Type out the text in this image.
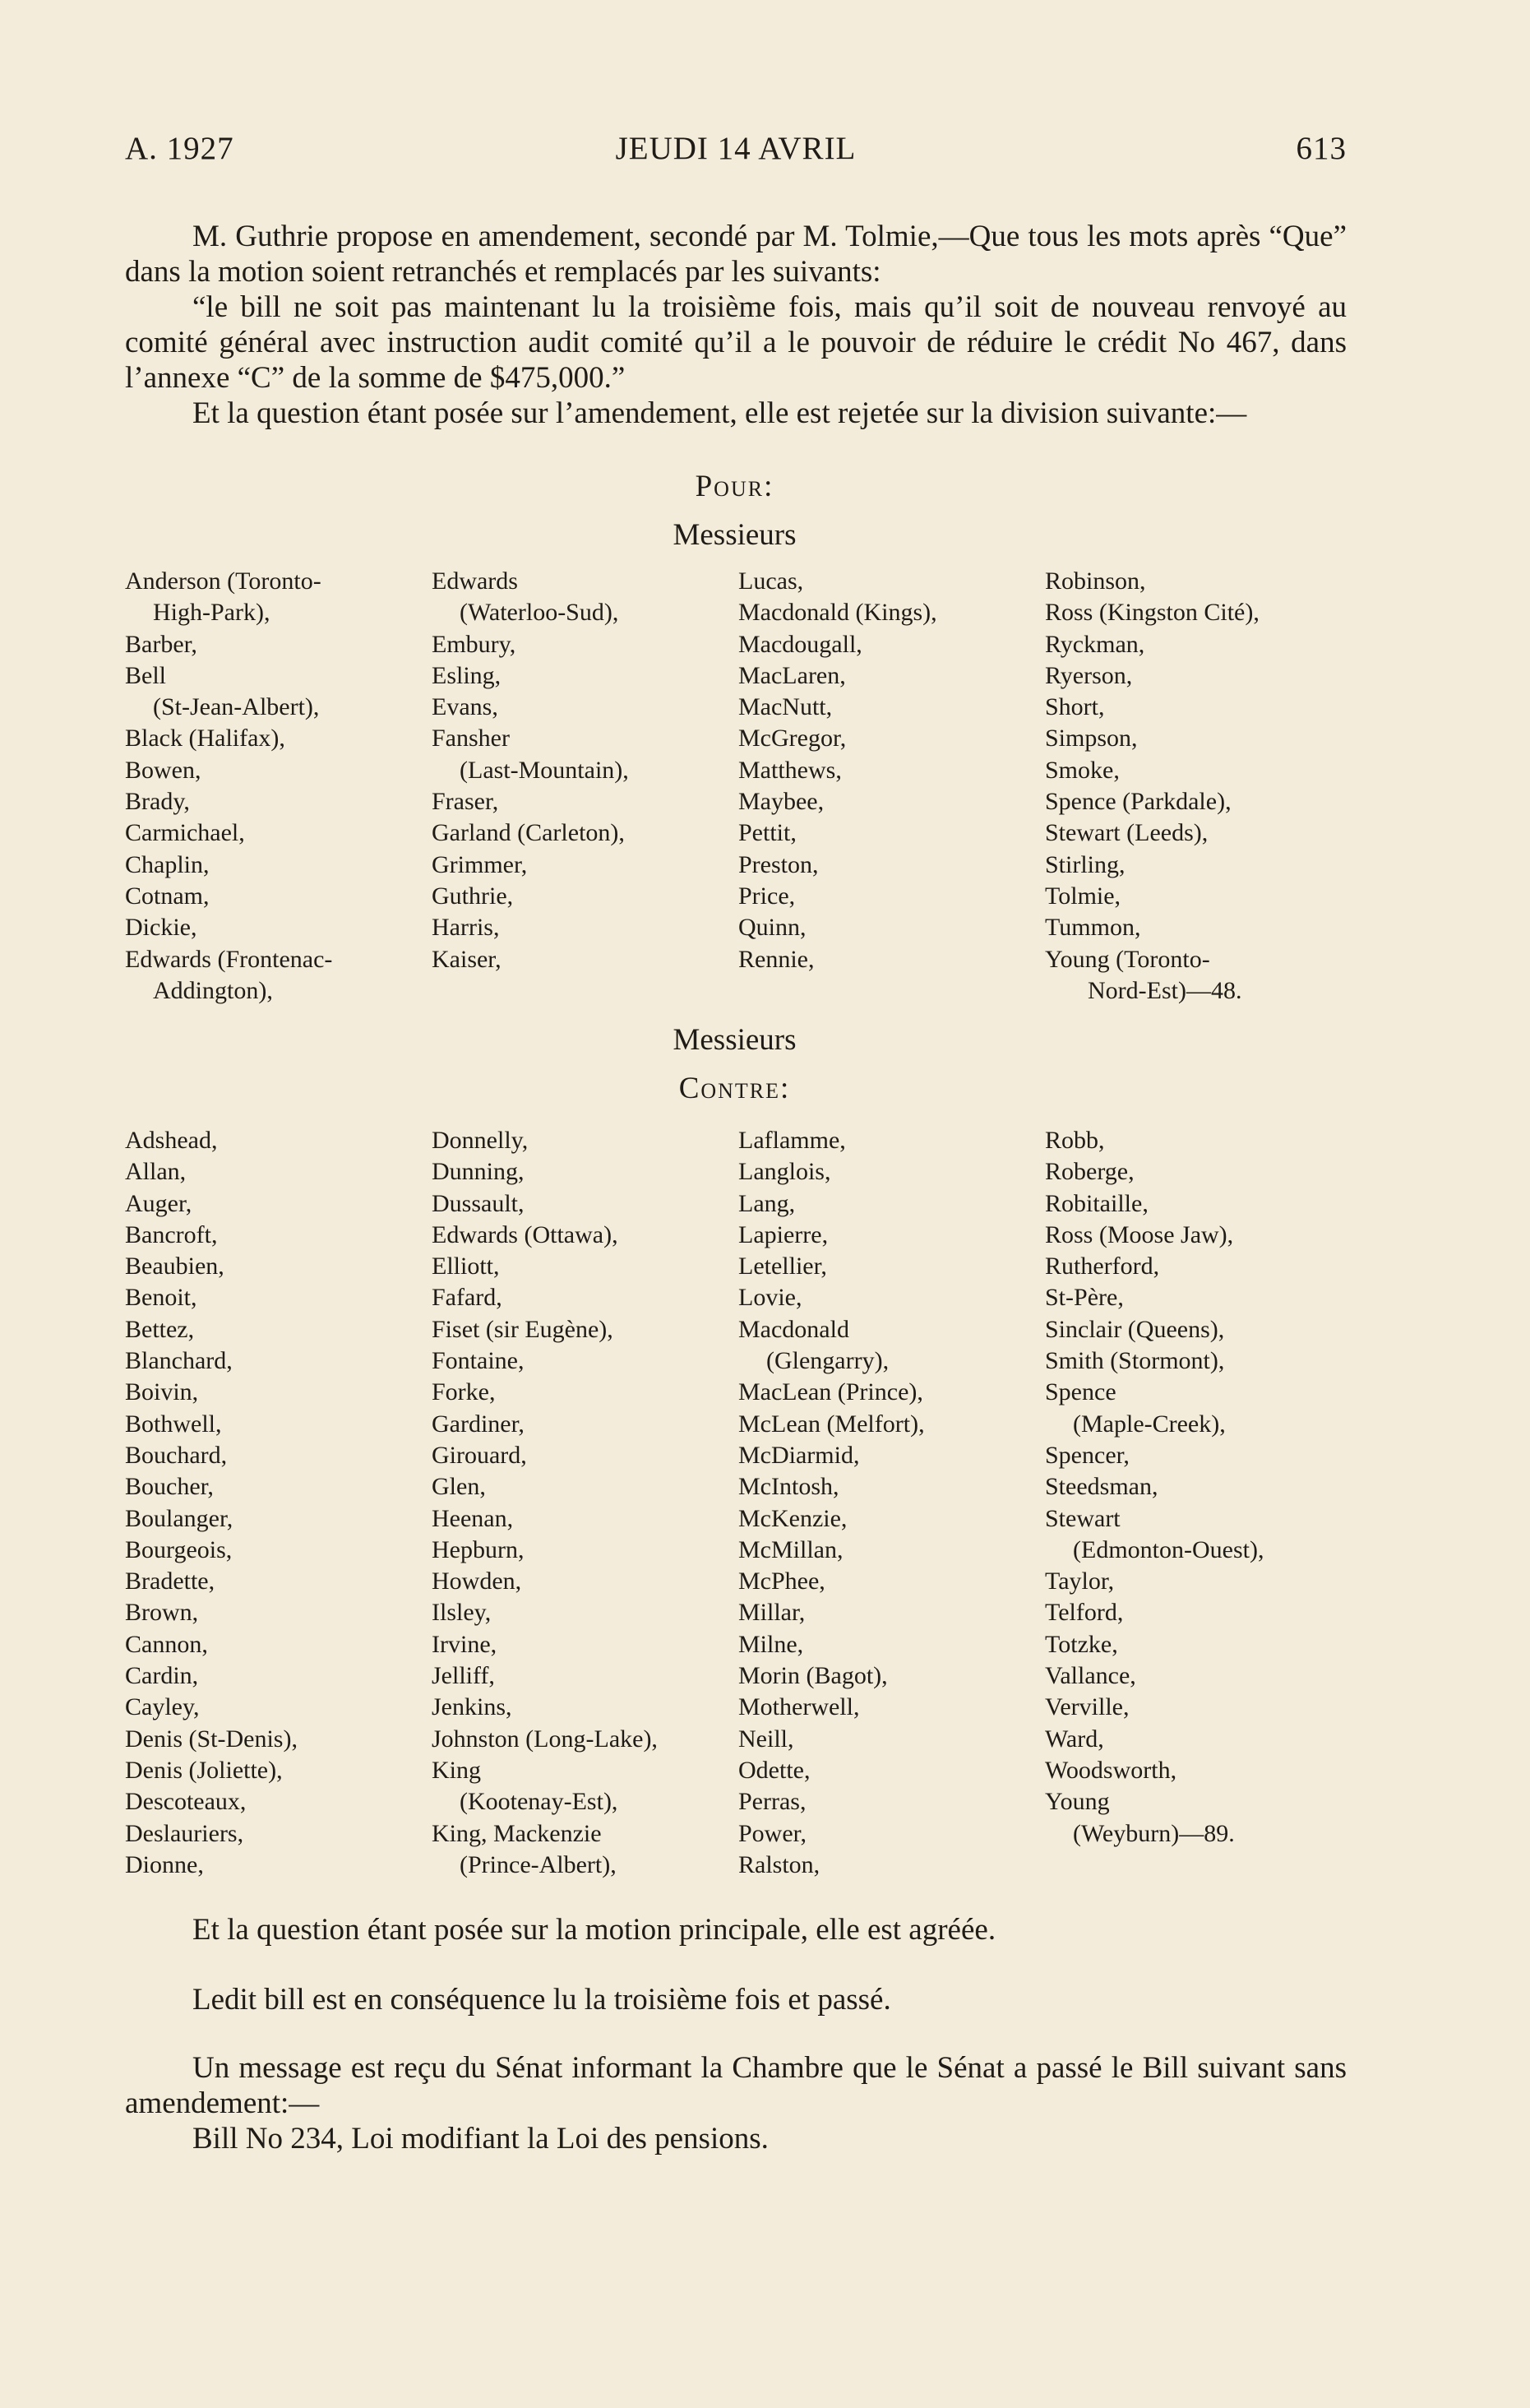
A. 1927	JEUDI 14 AVRIL	613

M. Guthrie propose en amendement, secondé par M. Tolmie,—Que tous les mots après “Que” dans la motion soient retranchés et remplacés par les suivants:

“le bill ne soit pas maintenant lu la troisième fois, mais qu’il soit de nouveau renvoyé au comité général avec instruction audit comité qu’il a le pouvoir de réduire le crédit No 467, dans l’annexe “C” de la somme de $475,000.”

Et la question étant posée sur l’amendement, elle est rejetée sur la division suivante:—

Pour:
Messieurs
Anderson (Toronto-
High-Park),
Barber,
Bell
(St-Jean-Albert),
Black (Halifax),
Bowen,
Brady,
Carmichael,
Chaplin,
Cotnam,
Dickie,
Edwards (Frontenac-
Addington),
Edwards
(Waterloo-Sud),
Embury,
Esling,
Evans,
Fansher
(Last-Mountain),
Fraser,
Garland (Carleton),
Grimmer,
Guthrie,
Harris,
Kaiser,
Lucas,
Macdonald (Kings),
Macdougall,
MacLaren,
MacNutt,
McGregor,
Matthews,
Maybee,
Pettit,
Preston,
Price,
Quinn,
Rennie,
Robinson,
Ross (Kingston Cité),
Ryckman,
Ryerson,
Short,
Simpson,
Smoke,
Spence (Parkdale),
Stewart (Leeds),
Stirling,
Tolmie,
Tummon,
Young (Toronto-
Nord-Est)—48.
Messieurs
Contre:
Adshead,
Allan,
Auger,
Bancroft,
Beaubien,
Benoit,
Bettez,
Blanchard,
Boivin,
Bothwell,
Bouchard,
Boucher,
Boulanger,
Bourgeois,
Bradette,
Brown,
Cannon,
Cardin,
Cayley,
Denis (St-Denis),
Denis (Joliette),
Descoteaux,
Deslauriers,
Dionne,
Donnelly,
Dunning,
Dussault,
Edwards (Ottawa),
Elliott,
Fafard,
Fiset (sir Eugène),
Fontaine,
Forke,
Gardiner,
Girouard,
Glen,
Heenan,
Hepburn,
Howden,
Ilsley,
Irvine,
Jelliff,
Jenkins,
Johnston (Long-Lake),
King
(Kootenay-Est),
King, Mackenzie
(Prince-Albert),
Laflamme,
Langlois,
Lang,
Lapierre,
Letellier,
Lovie,
Macdonald
(Glengarry),
MacLean (Prince),
McLean (Melfort),
McDiarmid,
McIntosh,
McKenzie,
McMillan,
McPhee,
Millar,
Milne,
Morin (Bagot),
Motherwell,
Neill,
Odette,
Perras,
Power,
Ralston,
Robb,
Roberge,
Robitaille,
Ross (Moose Jaw),
Rutherford,
St-Père,
Sinclair (Queens),
Smith (Stormont),
Spence
(Maple-Creek),
Spencer,
Steedsman,
Stewart
(Edmonton-Ouest),
Taylor,
Telford,
Totzke,
Vallance,
Verville,
Ward,
Woodsworth,
Young
(Weyburn)—89.

Et la question étant posée sur la motion principale, elle est agréée.

Ledit bill est en conséquence lu la troisième fois et passé.

Un message est reçu du Sénat informant la Chambre que le Sénat a passé le Bill suivant sans amendement:—

Bill No 234, Loi modifiant la Loi des pensions.
